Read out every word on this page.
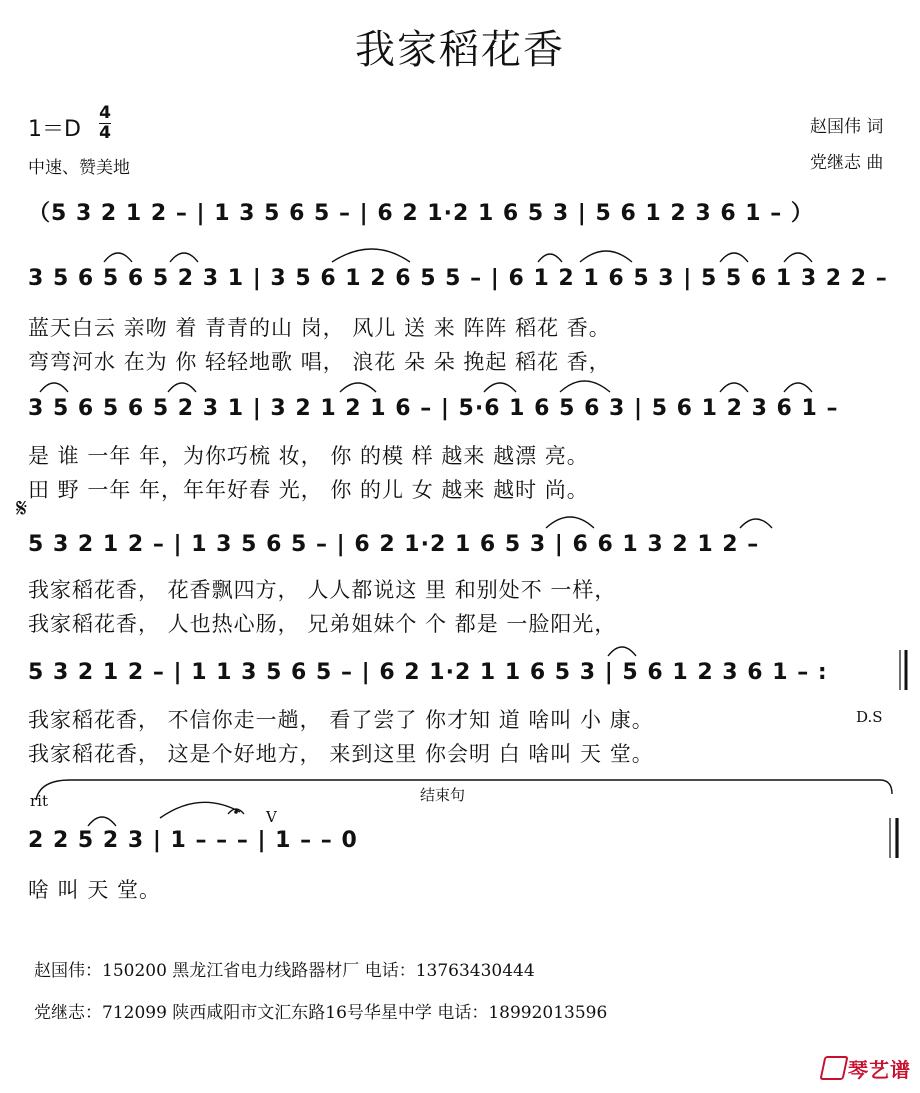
我家稻花香
1＝D
4
4
中速、赞美地
赵国伟 词
党继志 曲
（5 3 2 1 2 – | 1 3 5 6 5 – | 6 2 1·2 1 6 5 3 | 5 6 1 2 3 6 1 – ）
3 5 6 5 6 5 2 3 1 | 3 5 6 1 2 6 5 5 – | 6 1 2 1 6 5 3 | 5 5 6 1 3 2 2 –
蓝天白云 亲吻 着 青青的山 岗， 风儿 送 来 阵阵 稻花 香。
弯弯河水 在为 你 轻轻地歌 唱， 浪花 朵 朵 挽起 稻花 香，
3 5 6 5 6 5 2 3 1 | 3 2 1 2 1 6 – | 5·6 1 6 5 6 3 | 5 6 1 2 3 6 1 –
是 谁 一年 年，为你巧梳 妆， 你 的模 样 越来 越漂 亮。
田 野 一年 年，年年好春 光， 你 的儿 女 越来 越时 尚。
𝄋
5 3 2 1 2 – | 1 3 5 6 5 – | 6 2 1·2 1 6 5 3 | 6 6 1 3 2 1 2 –
我家稻花香， 花香飘四方， 人人都说这 里 和别处不 一样，
我家稻花香， 人也热心肠， 兄弟姐妹个 个 都是 一脸阳光，
5 3 2 1 2 – | 1 1 3 5 6 5 – | 6 2 1·2 1 1 6 5 3 | 5 6 1 2 3 6 1 – :
我家稻花香， 不信你走一趟， 看了尝了 你才知 道 啥叫 小 康。	D.S
我家稻花香， 这是个好地方， 来到这里 你会明 白 啥叫 天 堂。
rit	结束句
V
2 2 5 2 3 | 1 – – – | 1 – – 0
啥 叫 天 堂。
赵国伟：150200 黑龙江省电力线路器材厂 电话：13763430444
党继志：712099 陕西咸阳市文汇东路16号华星中学 电话：18992013596
琴艺谱
